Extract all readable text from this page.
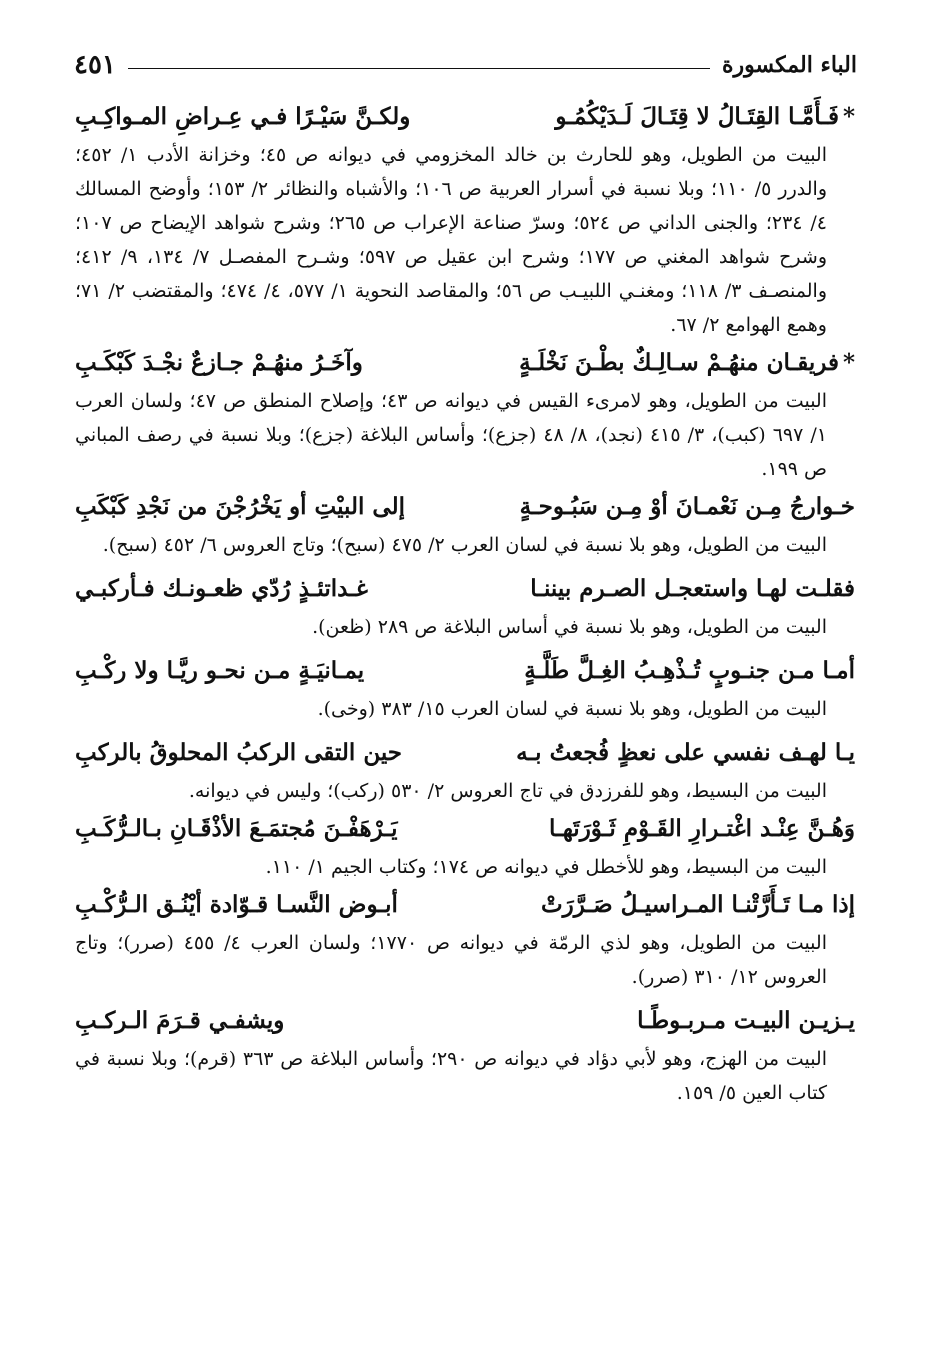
الباء المكسورة
٤٥١
*فَـأَمَّـا القِتَـالُ لا قِتَـالَ لَـدَيْكُمُـو
ولكـنَّ سَيْـرًا فـي عِـراضِ المـواكِـبِ
البيت من الطويل، وهو للحارث بن خالد المخزومي في ديوانه ص ٤٥؛ وخزانة الأدب ١/ ٤٥٢؛ والدرر ٥/ ١١٠؛ وبلا نسبة في أسرار العربية ص ١٠٦؛ والأشباه والنظائر ٢/ ١٥٣؛ وأوضح المسالك ٤/ ٢٣٤؛ والجنى الداني ص ٥٢٤؛ وسرّ صناعة الإعراب ص ٢٦٥؛ وشرح شواهد الإيضاح ص ١٠٧؛ وشرح شواهد المغني ص ١٧٧؛ وشرح ابن عقيل ص ٥٩٧؛ وشـرح المفصـل ٧/ ١٣٤، ٩/ ٤١٢؛ والمنصـف ٣/ ١١٨؛ ومغنـي اللبيـب ص ٥٦؛ والمقاصد النحوية ١/ ٥٧٧، ٤/ ٤٧٤؛ والمقتضب ٢/ ٧١؛ وهمع الهوامع ٢/ ٦٧.
*فريقـان منهُـمْ سـالِـكٌ بطْـنَ نَخْلَـةٍ
وآخَـرُ منهُـمْ جـازعٌ نجْـدَ كَبْكَـبِ
البيت من الطويل، وهو لامرىء القيس في ديوانه ص ٤٣؛ وإصلاح المنطق ص ٤٧؛ ولسان العرب ١/ ٦٩٧ (كبب)، ٣/ ٤١٥ (نجد)، ٨/ ٤٨ (جزع)؛ وأساس البلاغة (جزع)؛ وبلا نسبة في رصف المباني ص ١٩٩.
خـوارجُ مِـن نَعْمـانَ أوْ مِـن سَبُـوحـةٍ
إلى البيْتِ أو يَخْرُجْنَ من نَجْدِ كَبْكَبِ
البيت من الطويل، وهو بلا نسبة في لسان العرب ٢/ ٤٧٥ (سبح)؛ وتاج العروس ٦/ ٤٥٢ (سبح).
فقلـت لهـا واستعجـل الصـرم بيننـا
غـداتئـذٍ رُدّي ظعـونـك فـأركبـي
البيت من الطويل، وهو بلا نسبة في أساس البلاغة ص ٢٨٩ (ظعن).
أمـا مـن جنـوبٍ تُـذْهِـبُ الغِـلَّ طَلَّـةٍ
يمـانيَـةٍ مـن نحـو ريَّـا ولا ركْـبِ
البيت من الطويل، وهو بلا نسبة في لسان العرب ١٥/ ٣٨٣ (وخى).
يـا لهـف نفسي على نعظٍ فُجعتُ بـه
حين التقى الركبُ المحلوقُ بالركبِ
البيت من البسيط، وهو للفرزدق في تاج العروس ٢/ ٥٣٠ (ركب)؛ وليس في ديوانه.
وَهُـنَّ عِنْـد اغْتـرارِ القَـوْمِ ثَـوْرَتَهـا
يَـرْهَفْـنَ مُجتمَـعَ الأذْقَـانِ بـالـرُّكَـبِ
البيت من البسيط، وهو للأخطل في ديوانه ص ١٧٤؛ وكتاب الجيم ١/ ١١٠.
إذا مـا تَـأَرَّتْنـا المـراسيـلُ صَـرَّرَتْ
أبـوض النَّسـا قـوّادة أيْنُـق الـرُّكْـبِ
البيت من الطويل، وهو لذي الرمّة في ديوانه ص ١٧٧٠؛ ولسان العرب ٤/ ٤٥٥ (صرر)؛ وتاج العروس ١٢/ ٣١٠ (صرر).
يـزيـن البيـت مـربـوطًـا
ويشفـي قـرَمَ الـركـبِ
البيت من الهزج، وهو لأبي دؤاد في ديوانه ص ٢٩٠؛ وأساس البلاغة ص ٣٦٣ (قرم)؛ وبلا نسبة في كتاب العين ٥/ ١٥٩.
